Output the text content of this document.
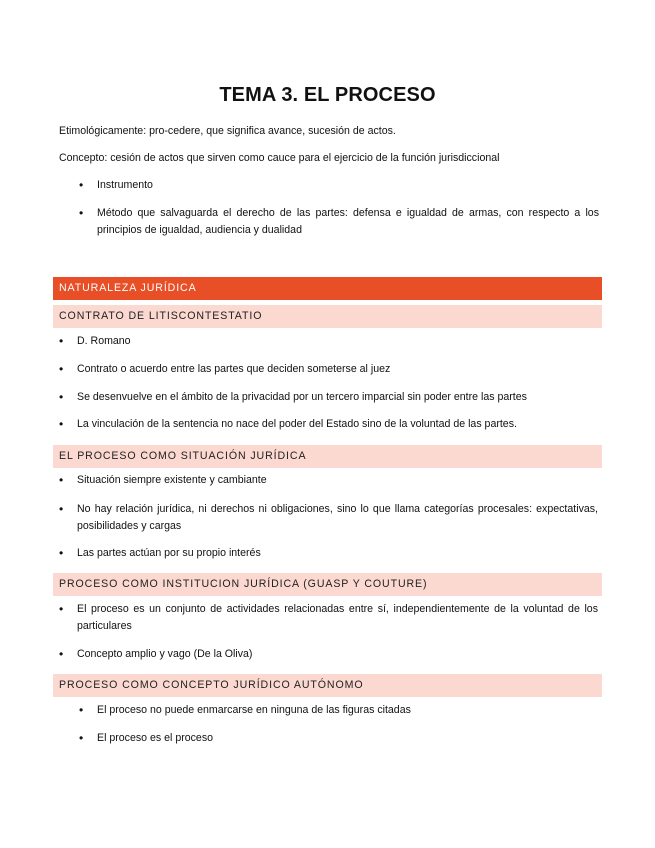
TEMA 3. EL PROCESO
Etimológicamente: pro-cedere, que significa avance, sucesión de actos.
Concepto: cesión de actos que sirven como cauce para el ejercicio de la función jurisdiccional
• Instrumento
• Método que salvaguarda el derecho de las partes: defensa e igualdad de armas, con respecto a los principios de igualdad, audiencia y dualidad
NATURALEZA JURÍDICA
CONTRATO DE LITISCONTESTATIO
• D. Romano
• Contrato o acuerdo entre las partes que deciden someterse al juez
• Se desenvuelve en el ámbito de la privacidad por un tercero imparcial sin poder entre las partes
• La vinculación de la sentencia no nace del poder del Estado sino de la voluntad de las partes.
EL PROCESO COMO SITUACIÓN JURÍDICA
• Situación siempre existente y cambiante
• No hay relación jurídica, ni derechos ni obligaciones, sino lo que llama categorías procesales: expectativas, posibilidades y cargas
• Las partes actúan por su propio interés
PROCESO COMO INSTITUCION JURÍDICA (GUASP Y COUTURE)
• El proceso es un conjunto de actividades relacionadas entre sí, independientemente de la voluntad de los particulares
• Concepto amplio y vago (De la Oliva)
PROCESO COMO CONCEPTO JURÍDICO AUTÓNOMO
• El proceso no puede enmarcarse en ninguna de las figuras citadas
• El proceso es el proceso
